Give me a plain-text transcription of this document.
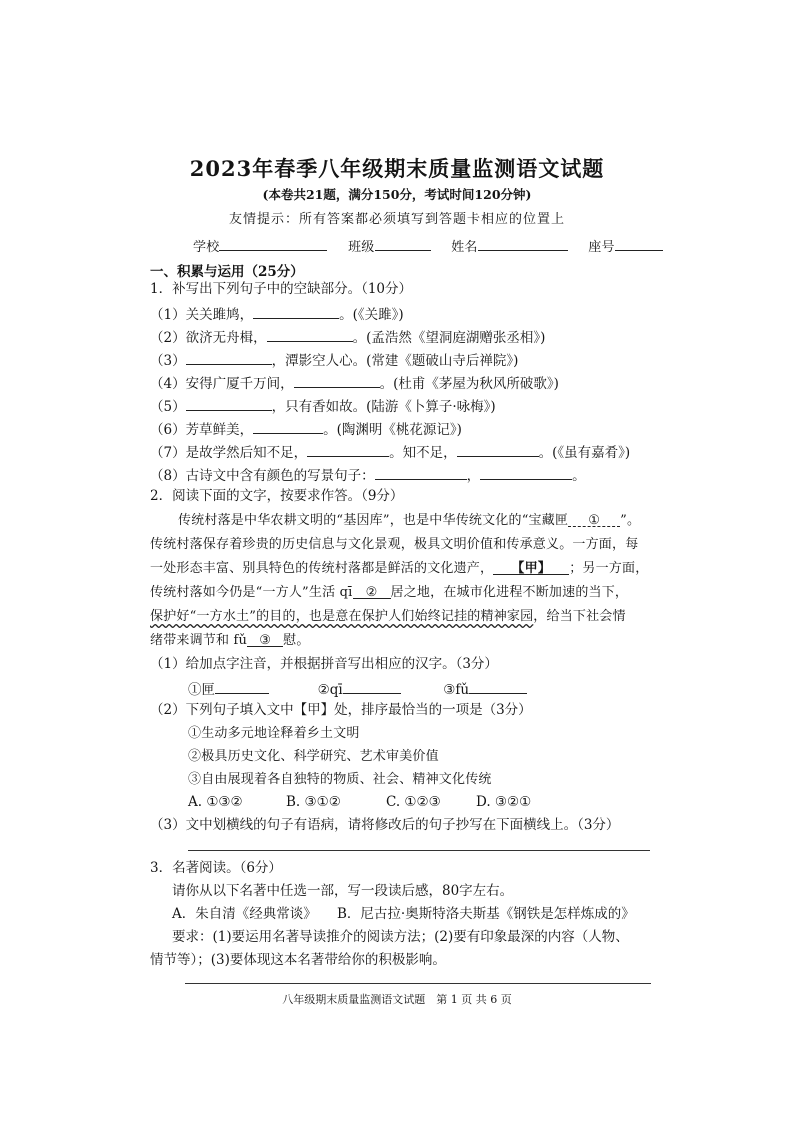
2023年春季八年级期末质量监测语文试题
(本卷共21题，满分150分，考试时间120分钟)
友情提示：所有答案都必须填写到答题卡相应的位置上
学校	班级	姓名	座号
一、积累与运用（25分）
1．补写出下列句子中的空缺部分。（10分）
（1）关关雎鸠，	。(《关雎》)
（2）欲济无舟楫，	。(孟浩然《望洞庭湖赠张丞相》)
（3）	，潭影空人心。(常建《题破山寺后禅院》)
（4）安得广厦千万间，	。(杜甫《茅屋为秋风所破歌》)
（5）	，只有香如故。(陆游《卜算子·咏梅》)
（6）芳草鲜美，	。(陶渊明《桃花源记》)
（7）是故学然后知不足，	。知不足，	。(《虽有嘉肴》)
（8）古诗文中含有颜色的写景句子：	，	。
2．阅读下面的文字，按要求作答。（9分）
传统村落是中华农耕文明的“基因库”，也是中华传统文化的“宝藏匣 ① ”。
传统村落保存着珍贵的历史信息与文化景观，极具文明价值和传承意义。一方面，每
一处形态丰富、别具特色的传统村落都是鲜活的文化遗产， 【甲】 ；另一方面，
传统村落如今仍是“一方人”生活 qī ② 居之地，在城市化进程不断加速的当下，
保护好“一方水土”的目的，也是意在保护人们始终记挂的精神家园，给当下社会情
绪带来调节和 fǔ ③ 慰。
（1）给加点字注音，并根据拼音写出相应的汉字。（3分）
①匣	②qī	③fǔ
（2）下列句子填入文中【甲】处，排序最恰当的一项是（3分）
①生动多元地诠释着乡土文明
②极具历史文化、科学研究、艺术审美价值
③自由展现着各自独特的物质、社会、精神文化传统
A. ①③②	B. ③①②	C. ①②③	D. ③②①
（3）文中划横线的句子有语病，请将修改后的句子抄写在下面横线上。（3分）
3．名著阅读。（6分）
请你从以下名著中任选一部，写一段读后感，80字左右。
A．朱自清《经典常谈》　　B．尼古拉·奥斯特洛夫斯基《钢铁是怎样炼成的》
要求：(1)要运用名著导读推介的阅读方法；(2)要有印象最深的内容（人物、
情节等）；(3)要体现这本名著带给你的积极影响。
八年级期末质量监测语文试题　第 1 页 共 6 页
